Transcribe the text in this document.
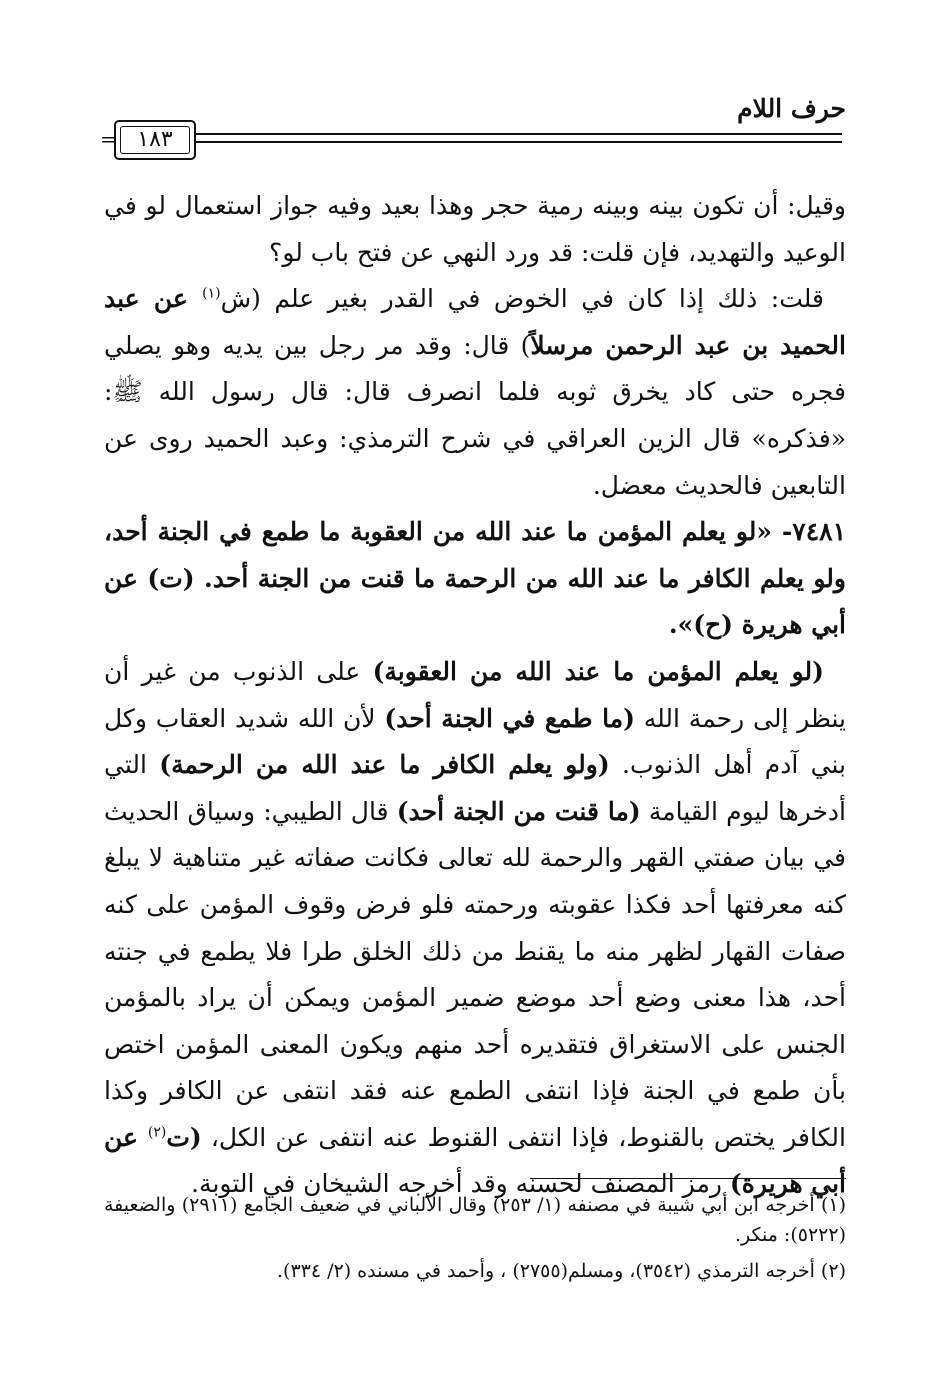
حرف اللام
= ١٨٣

وقيل: أن تكون بينه وبينه رمية حجر وهذا بعيد وفيه جواز استعمال لو في الوعيد والتهديد، فإن قلت: قد ورد النهي عن فتح باب لو؟

قلت: ذلك إذا كان في الخوض في القدر بغير علم (ش$^{(١)}$ عن عبد الحميد بن عبد الرحمن مرسلاً) قال: وقد مر رجل بين يديه وهو يصلي فجره حتى كاد يخرق ثوبه فلما انصرف قال: قال رسول الله ﷺ: «فذكره» قال الزين العراقي في شرح الترمذي: وعبد الحميد روى عن التابعين فالحديث معضل.

٧٤٨١- «لو يعلم المؤمن ما عند الله من العقوبة ما طمع في الجنة أحد، ولو يعلم الكافر ما عند الله من الرحمة ما قنت من الجنة أحد. (ت) عن أبي هريرة (ح)».

(لو يعلم المؤمن ما عند الله من العقوبة) على الذنوب من غير أن ينظر إلى رحمة الله (ما طمع في الجنة أحد) لأن الله شديد العقاب وكل بني آدم أهل الذنوب. (ولو يعلم الكافر ما عند الله من الرحمة) التي أدخرها ليوم القيامة (ما قنت من الجنة أحد) قال الطيبي: وسياق الحديث في بيان صفتي القهر والرحمة لله تعالى فكانت صفاته غير متناهية لا يبلغ كنه معرفتها أحد فكذا عقوبته ورحمته فلو فرض وقوف المؤمن على كنه صفات القهار لظهر منه ما يقنط من ذلك الخلق طرا فلا يطمع في جنته أحد، هذا معنى وضع أحد موضع ضمير المؤمن ويمكن أن يراد بالمؤمن الجنس على الاستغراق فتقديره أحد منهم ويكون المعنى المؤمن اختص بأن طمع في الجنة فإذا انتفى الطمع عنه فقد انتفى عن الكافر وكذا الكافر يختص بالقنوط، فإذا انتفى القنوط عنه انتفى عن الكل، (ت$^{(٢)}$ عن أبي هريرة) رمز المصنف لحسنه وقد أخرجه الشيخان في التوبة.

(١) أخرجه ابن أبي شيبة في مصنفه (١/ ٢٥٣) وقال الألباني في ضعيف الجامع (٢٩١١) والضعيفة (٥٢٢٢): منكر.

(٢) أخرجه الترمذي (٣٥٤٢)، ومسلم(٢٧٥٥) ، وأحمد في مسنده (٢/ ٣٣٤).
